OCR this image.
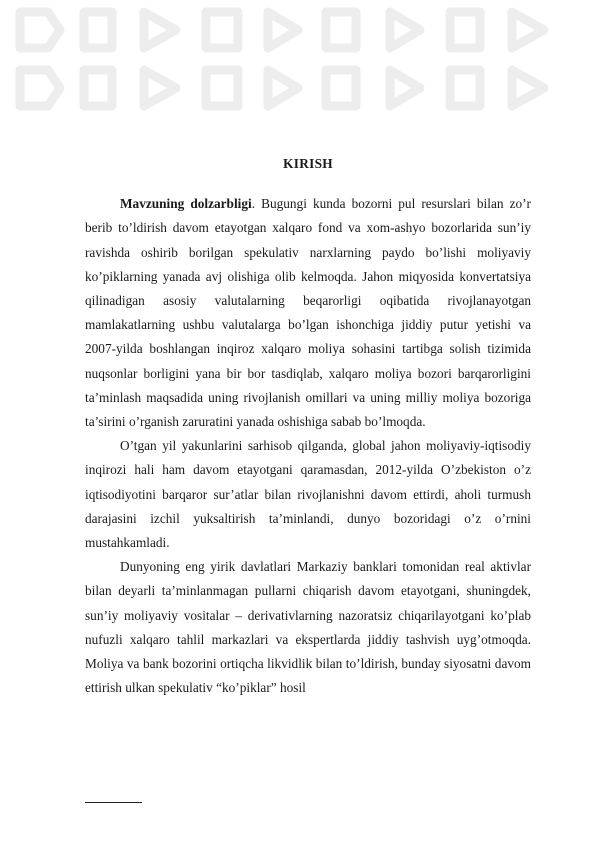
KIRISH

Mavzuning dolzarbligi. Bugungi kunda bozorni pul resurslari bilan zo’r berib to’ldirish davom etayotgan xalqaro fond va xom-ashyo bozorlarida sun’iy ravishda oshirib borilgan spekulativ narxlarning paydo bo’lishi moliyaviy ko’piklarning yanada avj olishiga olib kelmoqda. Jahon miqyosida konvertatsiya qilinadigan asosiy valutalarning beqarorligi oqibatida rivojlanayotgan mamlakatlarning ushbu valutalarga bo’lgan ishonchiga jiddiy putur yetishi va 2007-yilda boshlangan inqiroz xalqaro moliya sohasini tartibga solish tizimida nuqsonlar borligini yana bir bor tasdiqlab, xalqaro moliya bozori barqarorligini ta’minlash maqsadida uning rivojlanish omillari va uning milliy moliya bozoriga ta’sirini o’rganish zaruratini yanada oshishiga sabab bo’lmoqda.

O’tgan yil yakunlarini sarhisob qilganda, global jahon moliyaviy-iqtisodiy inqirozi hali ham davom etayotgani qaramasdan, 2012-yilda O’zbekiston o’z iqtisodiyotini barqaror sur’atlar bilan rivojlanishni davom ettirdi, aholi turmush darajasini izchil yuksaltirish ta’minlandi, dunyo bozoridagi o’z o’rnini mustahkamladi.

Dunyoning eng yirik davlatlari Markaziy banklari tomonidan real aktivlar bilan deyarli ta’minlanmagan pullarni chiqarish davom etayotgani, shuningdek, sun’iy moliyaviy vositalar – derivativlarning nazoratsiz chiqarilayotgani ko’plab nufuzli xalqaro tahlil markazlari va ekspertlarda jiddiy tashvish uyg’otmoqda. Moliya va bank bozorini ortiqcha likvidlik bilan to’ldirish, bunday siyosatni davom ettirish ulkan spekulativ “ko’piklar” hosil
